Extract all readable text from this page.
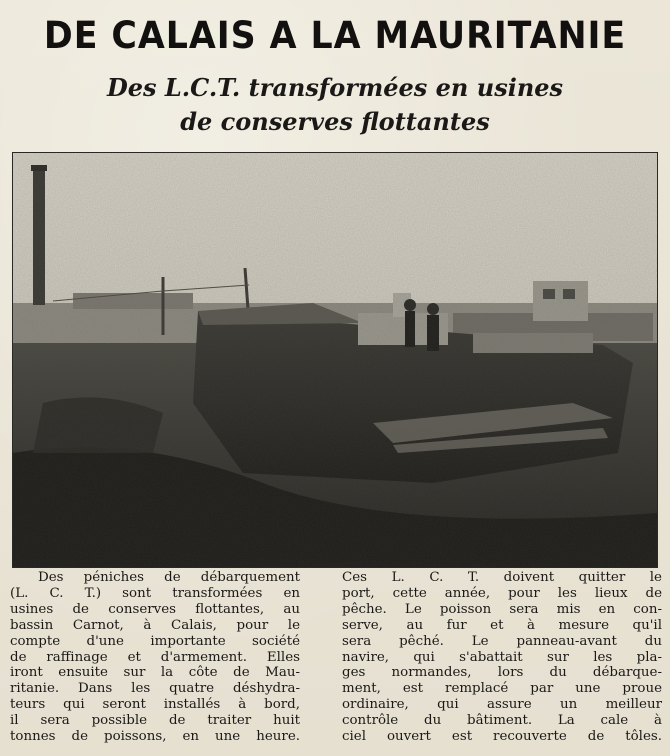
DE CALAIS A LA MAURITANIE
Des L.C.T. transformées en usines
de conserves flottantes
Des péniches de débarquement
(L. C. T.) sont transformées en
usines de conserves flottantes, au
bassin Carnot, à Calais, pour le
compte d'une importante société
de raffinage et d'armement. Elles
iront ensuite sur la côte de Mau-
ritanie. Dans les quatre déshydra-
teurs qui seront installés à bord,
il sera possible de traiter huit
tonnes de poissons, en une heure.
Ces L. C. T. doivent quitter le
port, cette année, pour les lieux de
pêche. Le poisson sera mis en con-
serve, au fur et à mesure qu'il
sera pêché. Le panneau-avant du
navire, qui s'abattait sur les pla-
ges normandes, lors du débarque-
ment, est remplacé par une proue
ordinaire, qui assure un meilleur
contrôle du bâtiment. La cale à
ciel ouvert est recouverte de tôles.
